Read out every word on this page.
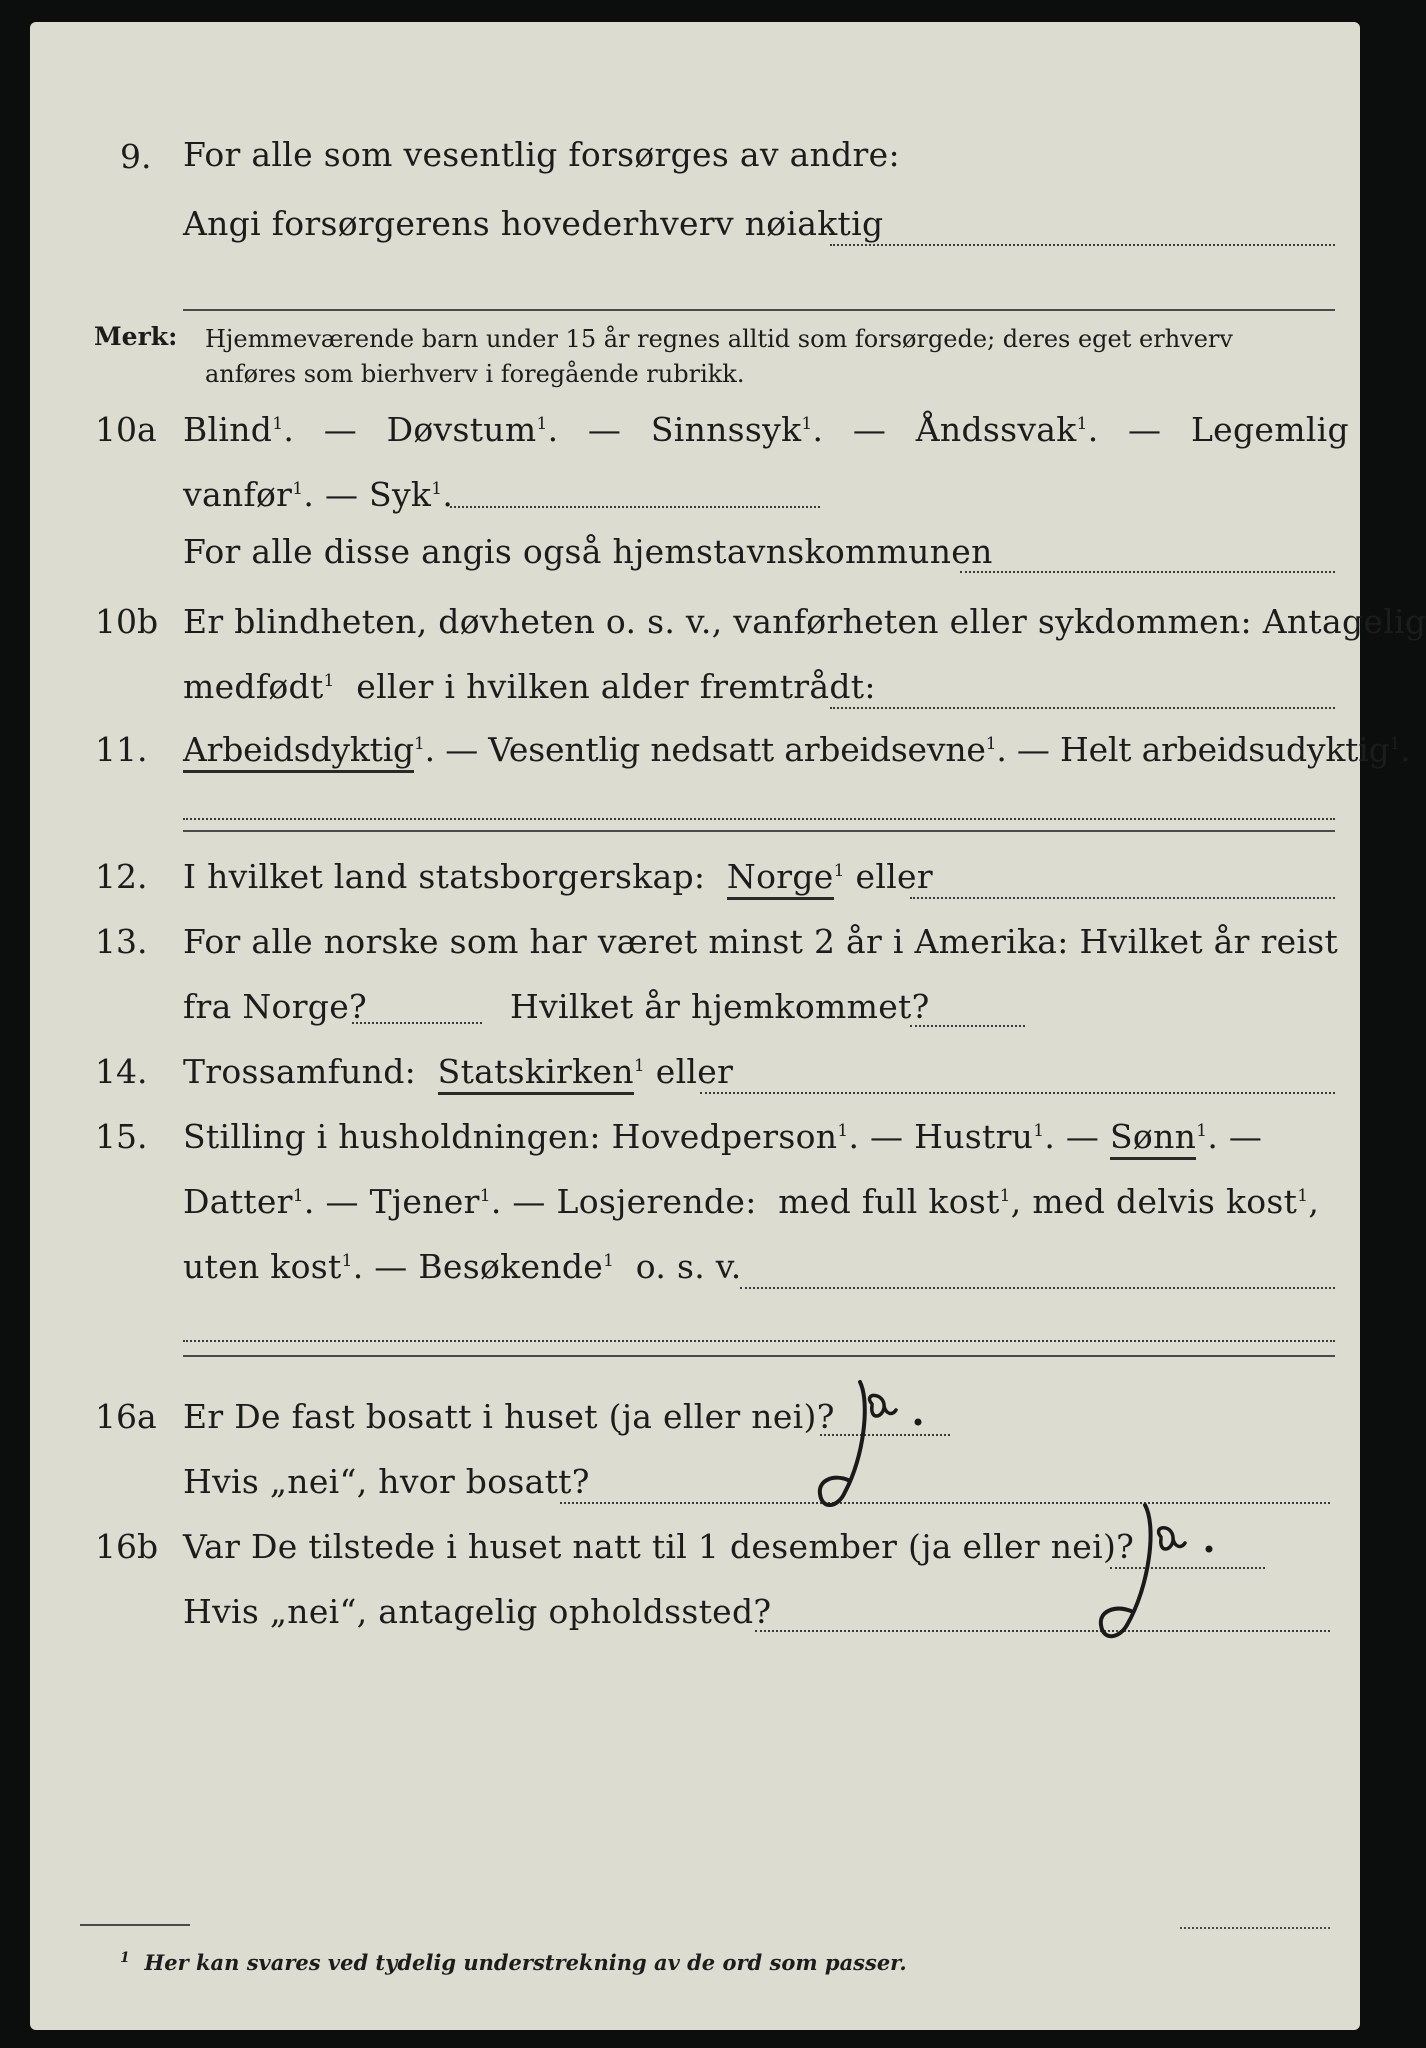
9. For alle som vesentlig forsørges av andre:
Angi forsørgerens hovederhverv nøiaktig
Merk: Hjemmeværende barn under 15 år regnes alltid som forsørgede; deres eget erhverv
anføres som bierhverv i foregående rubrikk.
10a Blind$^1$.  —  Døvstum$^1$.  —  Sinnssyk$^1$.  —  Åndssvak$^1$.  —  Legemlig
vanfør$^1$. — Syk$^1$.
For alle disse angis også hjemstavnskommunen
10b Er blindheten, døvheten o. s. v., vanførheten eller sykdommen: Antagelig
medfødt$^1$ eller i hvilken alder fremtrådt:
11. Arbeidsdyktig$^1$. — Vesentlig nedsatt arbeidsevne$^1$. — Helt arbeidsudyktig$^1$.
12. I hvilket land statsborgerskap: Norge$^1$ eller
13. For alle norske som har været minst 2 år i Amerika: Hvilket år reist
fra Norge?	Hvilket år hjemkommet?
14. Trossamfund: Statskirken$^1$ eller
15. Stilling i husholdningen: Hovedperson$^1$. — Hustru$^1$. — Sønn$^1$. —
Datter$^1$. — Tjener$^1$. — Losjerende: med full kost$^1$, med delvis kost$^1$,
uten kost$^1$. — Besøkende$^1$ o. s. v.
16a Er De fast bosatt i huset (ja eller nei)?
Hvis „nei“, hvor bosatt?
16b Var De tilstede i huset natt til 1 desember (ja eller nei)?
Hvis „nei“, antagelig opholdssted?
$^1$ Her kan svares ved tydelig understrekning av de ord som passer.
